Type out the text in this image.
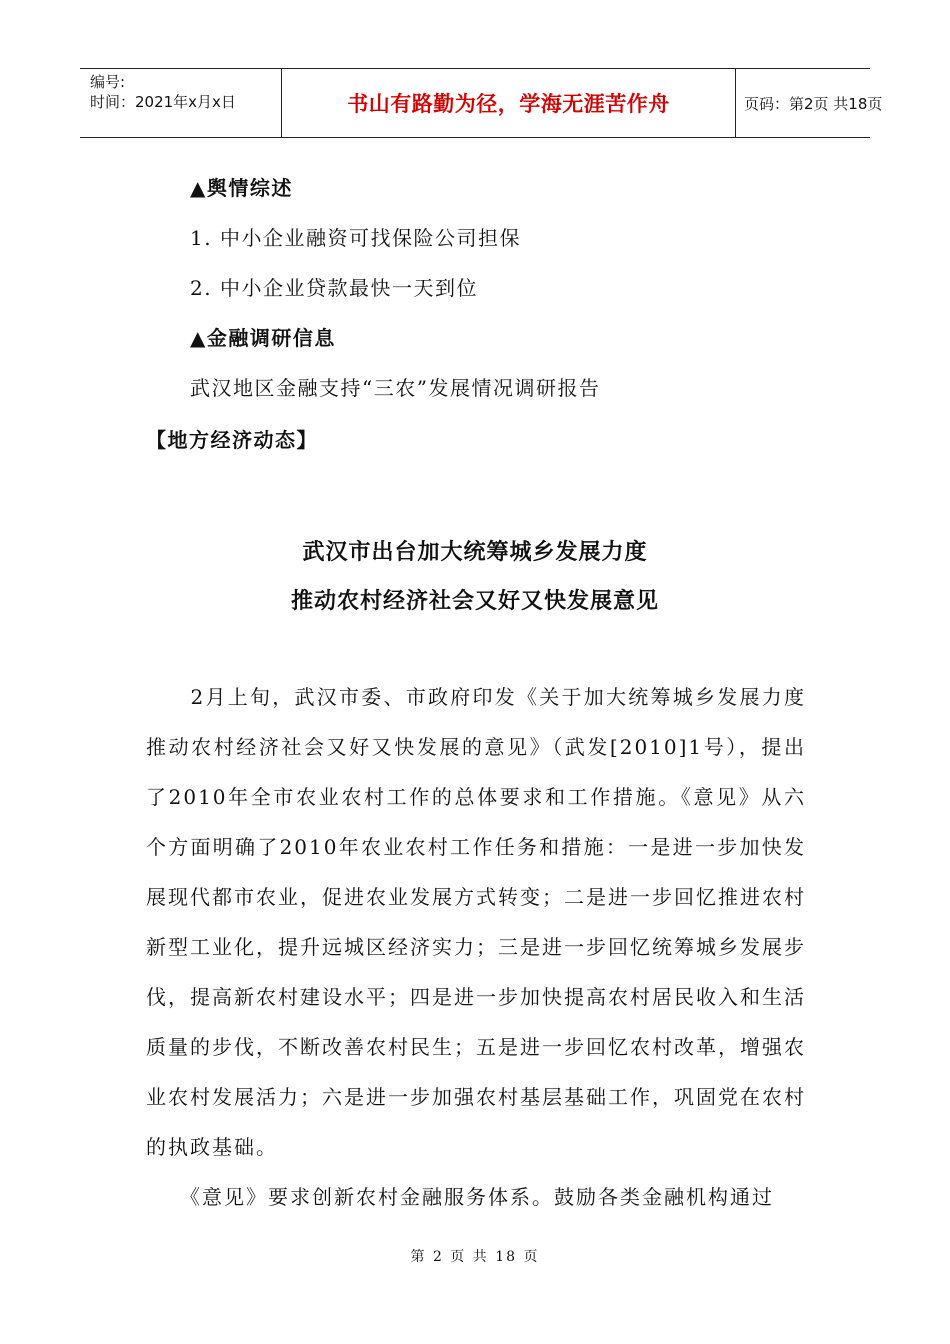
编号:
时间：2021年x月x日	书山有路勤为径，学海无涯苦作舟	页码：第2页 共18页
▲舆情综述
1. 中小企业融资可找保险公司担保
2. 中小企业贷款最快一天到位
▲金融调研信息
武汉地区金融支持“三农”发展情况调研报告
【地方经济动态】
武汉市出台加大统筹城乡发展力度
推动农村经济社会又好又快发展意见
　　2月上旬，武汉市委、市政府印发《关于加大统筹城乡发展力度推动农村经济社会又好又快发展的意见》（武发[2010]1号），提出了2010年全市农业农村工作的总体要求和工作措施。《意见》从六个方面明确了2010年农业农村工作任务和措施：一是进一步加快发展现代都市农业，促进农业发展方式转变；二是进一步回忆推进农村新型工业化，提升远城区经济实力；三是进一步回忆统筹城乡发展步伐，提高新农村建设水平；四是进一步加快提高农村居民收入和生活质量的步伐，不断改善农村民生；五是进一步回忆农村改革，增强农业农村发展活力；六是进一步加强农村基层基础工作，巩固党在农村的执政基础。
　　《意见》要求创新农村金融服务体系。鼓励各类金融机构通过
第 2 页 共 18 页
